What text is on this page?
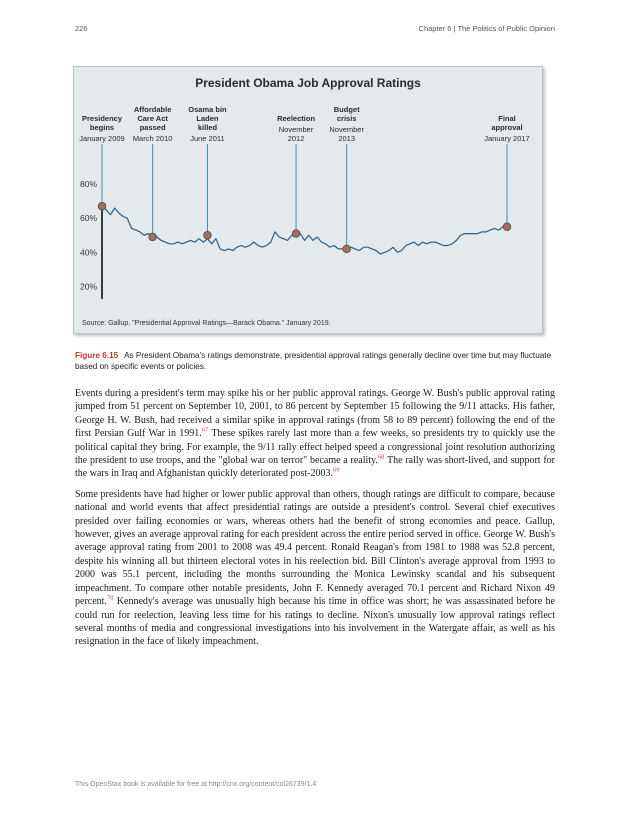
226	Chapter 6 | The Politics of Public Opinion
President Obama Job Approval Ratings
Presidency
begins
January 2009
Affordable
Care Act
passed
March 2010
Osama bin
Laden
killed
June 2011
Reelection
November
2012
Budget
crisis
November
2013
Final
approval
January 2017
80%
60%
40%
20%
Source: Gallup. "Presidential Approval Ratings—Barack Obama." January 2019.
Figure 6.15 As President Obama's ratings demonstrate, presidential approval ratings generally decline over time but may fluctuate based on specific events or policies.

Events during a president's term may spike his or her public approval ratings. George W. Bush's public approval rating jumped from 51 percent on September 10, 2001, to 86 percent by September 15 following the 9/11 attacks. His father, George H. W. Bush, had received a similar spike in approval ratings (from 58 to 89 percent) following the end of the first Persian Gulf War in 1991.67 These spikes rarely last more than a few weeks, so presidents try to quickly use the political capital they bring. For example, the 9/11 rally effect helped speed a congressional joint resolution authorizing the president to use troops, and the "global war on terror" became a reality.$^{68}$ The rally was short-lived, and support for the wars in Iraq and Afghanistan quickly deteriorated post-2003.69

Some presidents have had higher or lower public approval than others, though ratings are difficult to compare, because national and world events that affect presidential ratings are outside a president's control. Several chief executives presided over failing economies or wars, whereas others had the benefit of strong economies and peace. Gallup, however, gives an average approval rating for each president across the entire period served in office. George W. Bush's average approval rating from 2001 to 2008 was 49.4 percent. Ronald Reagan's from 1981 to 1988 was 52.8 percent, despite his winning all but thirteen electoral votes in his reelection bid. Bill Clinton's average approval from 1993 to 2000 was 55.1 percent, including the months surrounding the Monica Lewinsky scandal and his subsequent impeachment. To compare other notable presidents, John F. Kennedy averaged 70.1 percent and Richard Nixon 49 percent.$^{70}$ Kennedy's average was unusually high because his time in office was short; he was assassinated before he could run for reelection, leaving less time for his ratings to decline. Nixon's unusually low approval ratings reflect several months of media and congressional investigations into his involvement in the Watergate affair, as well as his resignation in the face of likely impeachment.

This OpenStax book is available for free at http://cnx.org/content/col26739/1.4
